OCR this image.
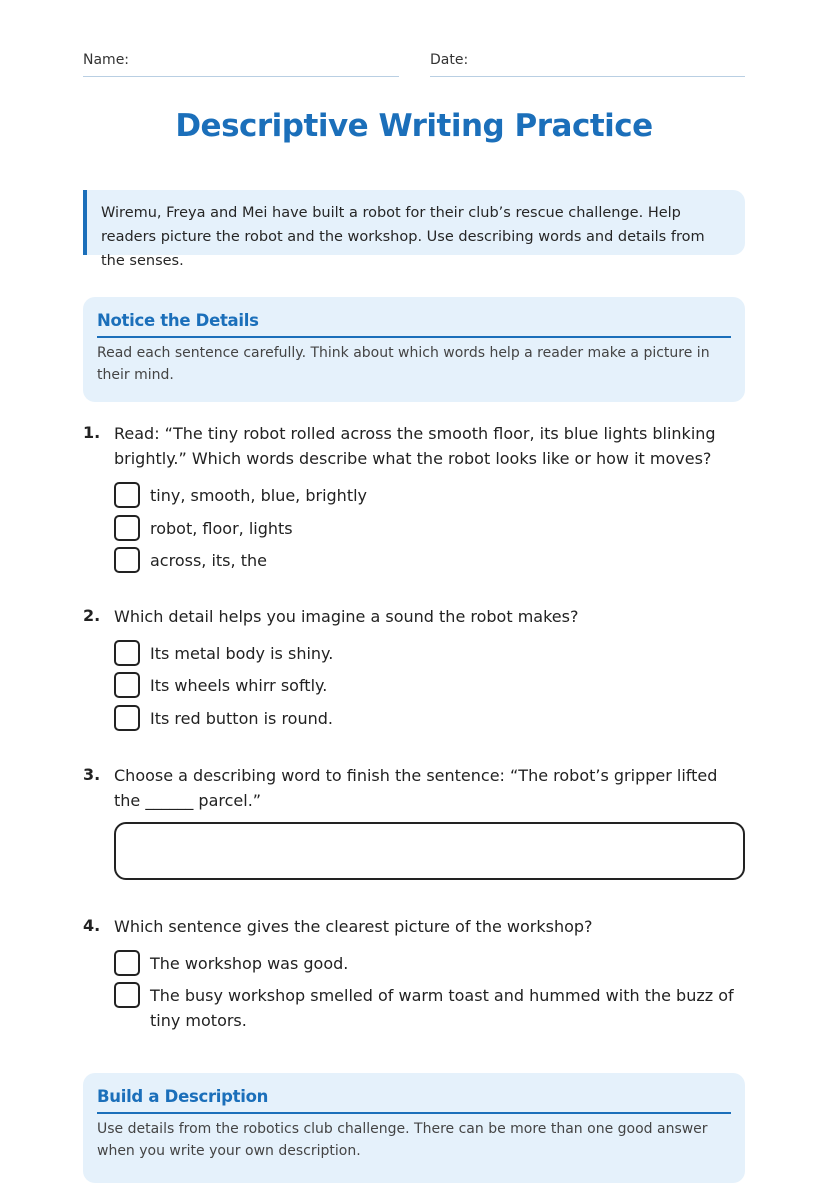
Name:	Date:
Descriptive Writing Practice
Wiremu, Freya and Mei have built a robot for their club’s rescue challenge. Help readers picture the robot and the workshop. Use describing words and details from the senses.
Notice the Details
Read each sentence carefully. Think about which words help a reader make a picture in their mind.
1. Read: “The tiny robot rolled across the smooth floor, its blue lights blinking brightly.” Which words describe what the robot looks like or how it moves?
tiny, smooth, blue, brightly
robot, floor, lights
across, its, the
2. Which detail helps you imagine a sound the robot makes?
Its metal body is shiny.
Its wheels whirr softly.
Its red button is round.
3. Choose a describing word to finish the sentence: “The robot’s gripper lifted the ______ parcel.”
4. Which sentence gives the clearest picture of the workshop?
The workshop was good.
The busy workshop smelled of warm toast and hummed with the buzz of tiny motors.
Build a Description
Use details from the robotics club challenge. There can be more than one good answer when you write your own description.
